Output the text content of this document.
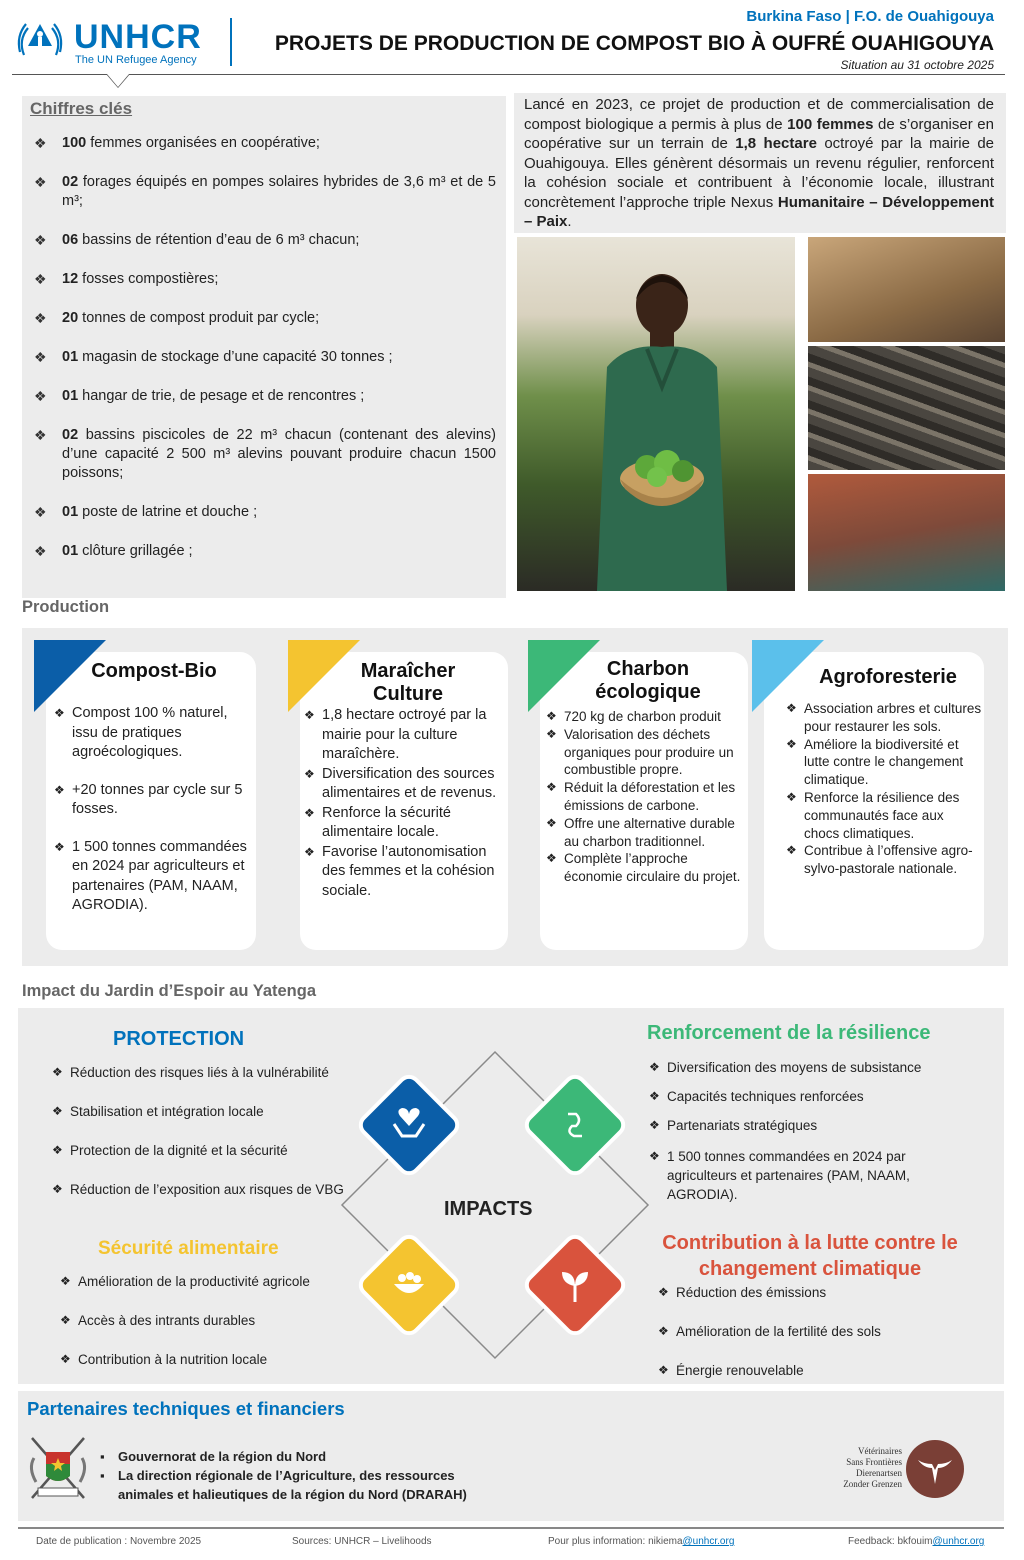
UNHCR
The UN Refugee Agency
Burkina Faso | F.O. de Ouahigouya
PROJETS DE PRODUCTION DE COMPOST BIO À OUFRÉ OUAHIGOUYA
Situation au 31 octobre 2025
Chiffres clés
❖ 100 femmes organisées en coopérative;
❖ 02 forages équipés en pompes solaires hybrides de 3,6 m³ et de 5 m³;
❖ 06 bassins de rétention d’eau de 6 m³ chacun;
❖ 12 fosses compostières;
❖ 20 tonnes de compost produit par cycle;
❖ 01 magasin de stockage d’une capacité 30 tonnes ;
❖ 01 hangar de trie, de pesage et de rencontres ;
❖ 02 bassins piscicoles de 22 m³ chacun (contenant des alevins) d’une capacité 2 500 m³ alevins pouvant produire chacun 1500 poissons;
❖ 01 poste de latrine et douche ;
❖ 01 clôture grillagée ;
Lancé en 2023, ce projet de production et de commercialisation de compost biologique a permis à plus de 100 femmes de s’organiser en coopérative sur un terrain de 1,8 hectare octroyé par la mairie de Ouahigouya. Elles génèrent désormais un revenu régulier, renforcent la cohésion sociale et contribuent à l’économie locale, illustrant concrètement l’approche triple Nexus Humanitaire – Développement – Paix.
Production
Compost-Bio
❖ Compost 100 % naturel, issu de pratiques agroécologiques.
❖ +20 tonnes par cycle sur 5 fosses.
❖ 1 500 tonnes commandées en 2024 par agriculteurs et partenaires (PAM, NAAM, AGRODIA).
Maraîcher
Culture
❖ 1,8 hectare octroyé par la mairie pour la culture maraîchère.
❖ Diversification des sources alimentaires et de revenus.
❖ Renforce la sécurité alimentaire locale.
❖ Favorise l’autonomisation des femmes et la cohésion sociale.
Charbon
écologique
❖ 720 kg de charbon produit
❖ Valorisation des déchets organiques pour produire un combustible propre.
❖ Réduit la déforestation et les émissions de carbone.
❖ Offre une alternative durable au charbon traditionnel.
❖ Complète l’approche économie circulaire du projet.
Agroforesterie
❖ Association arbres et cultures pour restaurer les sols.
❖ Améliore la biodiversité et lutte contre le changement climatique.
❖ Renforce la résilience des communautés face aux chocs climatiques.
❖ Contribue à l’offensive agro-sylvo-pastorale nationale.
Impact du Jardin d’Espoir au Yatenga
PROTECTION
❖ Réduction des risques liés à la vulnérabilité
❖ Stabilisation et intégration locale
❖ Protection de la dignité et la sécurité
❖ Réduction de l’exposition aux risques de VBG
Sécurité alimentaire
❖ Amélioration de la productivité agricole
❖ Accès à des intrants durables
❖ Contribution à la nutrition locale
Renforcement de la résilience
❖ Diversification des moyens de subsistance
❖ Capacités techniques renforcées
❖ Partenariats stratégiques
❖ 1 500 tonnes commandées en 2024 par agriculteurs et partenaires (PAM, NAAM, AGRODIA).
Contribution à la lutte contre le
changement climatique
❖ Réduction des émissions
❖ Amélioration de la fertilité des sols
❖ Énergie renouvelable
IMPACTS
Partenaires techniques et financiers
▪ Gouvernorat de la région du Nord
▪ La direction régionale de l’Agriculture, des ressources animales et halieutiques de la région du Nord (DRARAH)
Vétérinaires
Sans Frontières
Dierenartsen
Zonder Grenzen
Date de publication : Novembre 2025	Sources: UNHCR – Livelihoods	Pour plus information: nikiema@unhcr.org	Feedback: bkfouim@unhcr.org
